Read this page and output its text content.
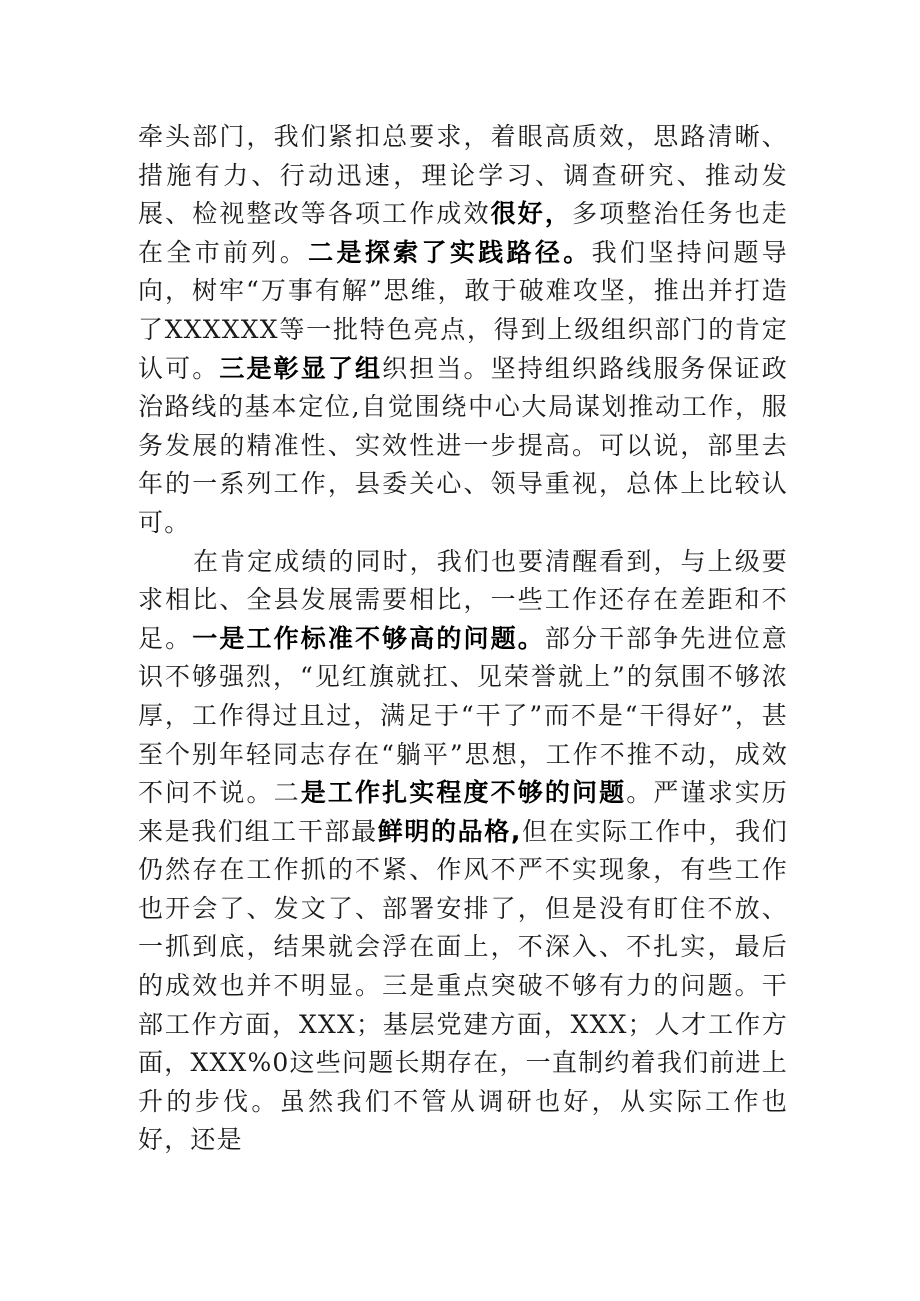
牵头部门，我们紧扣总要求，着眼高质效，思路清晰、措施有力、行动迅速，理论学习、调查研究、推动发展、检视整改等各项工作成效很好，多项整治任务也走在全市前列。二是探索了实践路径。我们坚持问题导向，树牢“万事有解”思维，敢于破难攻坚，推出并打造了XXXXXX等一批特色亮点，得到上级组织部门的肯定认可。三是彰显了组织担当。坚持组织路线服务保证政治路线的基本定位,自觉围绕中心大局谋划推动工作，服务发展的精准性、实效性进一步提高。可以说，部里去年的一系列工作，县委关心、领导重视，总体上比较认可。

在肯定成绩的同时，我们也要清醒看到，与上级要求相比、全县发展需要相比，一些工作还存在差距和不足。一是工作标准不够高的问题。部分干部争先进位意识不够强烈，“见红旗就扛、见荣誉就上”的氛围不够浓厚，工作得过且过，满足于“干了”而不是“干得好”，甚至个别年轻同志存在“躺平”思想，工作不推不动，成效不问不说。二是工作扎实程度不够的问题。严谨求实历来是我们组工干部最鲜明的品格,但在实际工作中，我们仍然存在工作抓的不紧、作风不严不实现象，有些工作也开会了、发文了、部署安排了，但是没有盯住不放、一抓到底，结果就会浮在面上，不深入、不扎实，最后的成效也并不明显。三是重点突破不够有力的问题。干部工作方面，XXX；基层党建方面，XXX；人才工作方面，XXX%0这些问题长期存在，一直制约着我们前进上升的步伐。虽然我们不管从调研也好，从实际工作也好，还是
